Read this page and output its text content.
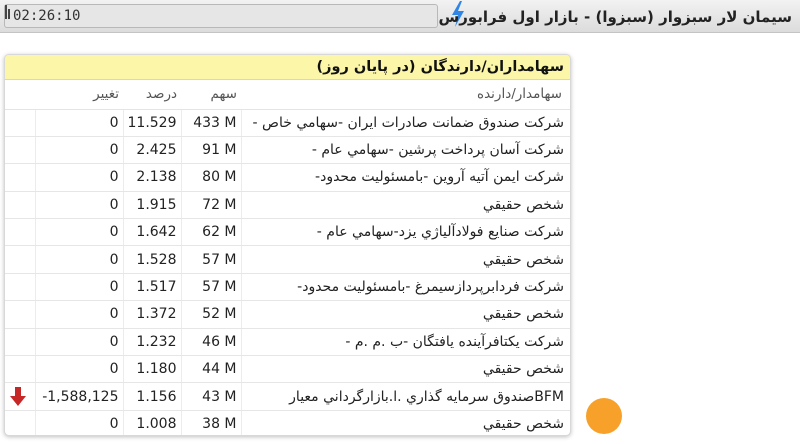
02:26:10	سیمان لار سبزوار (سبزوا) - بازار اول فرابورس
سهامداران/دارندگان (در پایان روز)
	تغییر	درصد	سهم	سهامدار/دارنده
	0	11.529	433 M	شرکت صندوق ضمانت صادرات ایران -سهامي خاص -
	0	2.425	91 M	شرکت آسان پرداخت پرشين -سهامي عام -
	0	2.138	80 M	شرکت ايمن آتيه آروين -بامسئوليت محدود-
	0	1.915	72 M	شخص حقيقي
	0	1.642	62 M	شرکت صنايع فولادآلياژي يزد-سهامي عام -
	0	1.528	57 M	شخص حقيقي
	0	1.517	57 M	شرکت فردابرپردازسيمرغ -بامسئوليت محدود-
	0	1.372	52 M	شخص حقيقي
	0	1.232	46 M	شرکت يکتافرآينده يافتگان -ب .م .م -
	0	1.180	44 M	شخص حقيقي
	-1,588,125	1.156	43 M	BFMصندوق سرمايه گذاري .ا.بازارگرداني معيار
	0	1.008	38 M	شخص حقيقي
